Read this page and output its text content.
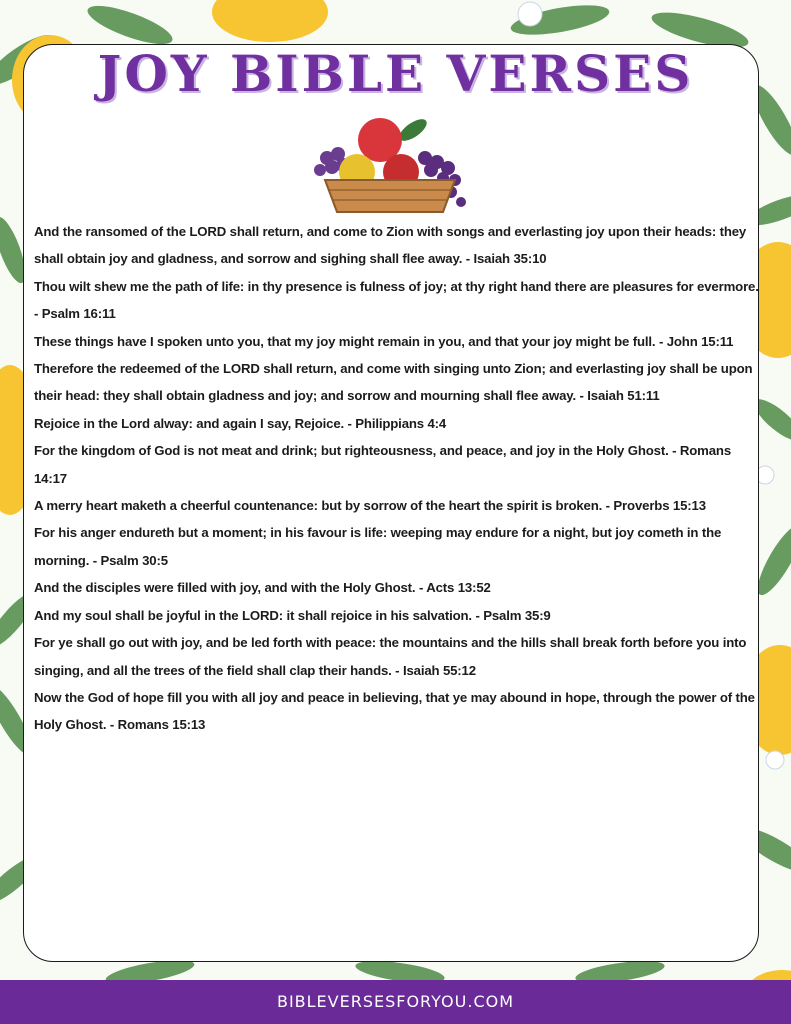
JOY BIBLE VERSES
And the ransomed of the LORD shall return, and come to Zion with songs and everlasting joy upon their heads: they shall obtain joy and gladness, and sorrow and sighing shall flee away. - Isaiah 35:10
Thou wilt shew me the path of life: in thy presence is fulness of joy; at thy right hand there are pleasures for evermore. - Psalm 16:11
These things have I spoken unto you, that my joy might remain in you, and that your joy might be full. - John 15:11
Therefore the redeemed of the LORD shall return, and come with singing unto Zion; and everlasting joy shall be upon their head: they shall obtain gladness and joy; and sorrow and mourning shall flee away. - Isaiah 51:11
Rejoice in the Lord alway: and again I say, Rejoice. - Philippians 4:4
For the kingdom of God is not meat and drink; but righteousness, and peace, and joy in the Holy Ghost. - Romans 14:17
A merry heart maketh a cheerful countenance: but by sorrow of the heart the spirit is broken. - Proverbs 15:13
For his anger endureth but a moment; in his favour is life: weeping may endure for a night, but joy cometh in the morning. - Psalm 30:5
And the disciples were filled with joy, and with the Holy Ghost. - Acts 13:52
And my soul shall be joyful in the LORD: it shall rejoice in his salvation. - Psalm 35:9
For ye shall go out with joy, and be led forth with peace: the mountains and the hills shall break forth before you into singing, and all the trees of the field shall clap their hands. - Isaiah 55:12
Now the God of hope fill you with all joy and peace in believing, that ye may abound in hope, through the power of the Holy Ghost. - Romans 15:13
BIBLEVERSESFORYOU.COM
